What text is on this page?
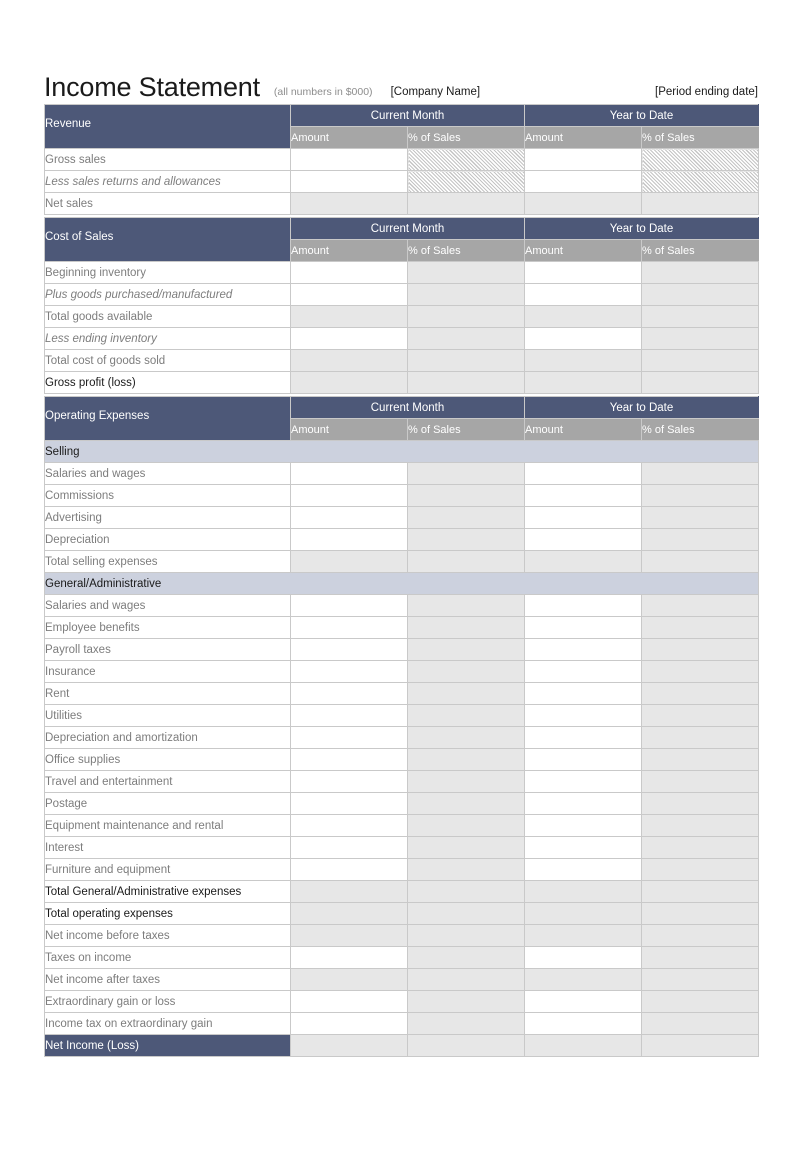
Income Statement (all numbers in $000) [Company Name]	[Period ending date]
Revenue	Current Month		Year to Date	
	Amount	% of Sales	Amount	% of Sales
Gross sales				
Less sales returns and allowances				
Net sales				

Cost of Sales	Current Month		Year to Date	
	Amount	% of Sales	Amount	% of Sales
Beginning inventory				
Plus goods purchased/manufactured				
Total goods available				
Less ending inventory				
Total cost of goods sold				
Gross profit (loss)				

Operating Expenses	Current Month		Year to Date	
	Amount	% of Sales	Amount	% of Sales
Selling				
Salaries and wages				
Commissions				
Advertising				
Depreciation				
Total selling expenses				
General/Administrative				
Salaries and wages				
Employee benefits				
Payroll taxes				
Insurance				
Rent				
Utilities				
Depreciation and amortization				
Office supplies				
Travel and entertainment				
Postage				
Equipment maintenance and rental				
Interest				
Furniture and equipment				
Total General/Administrative expenses				
Total operating expenses				
Net income before taxes				
Taxes on income				
Net income after taxes				
Extraordinary gain or loss				
Income tax on extraordinary gain				
Net Income (Loss)				
